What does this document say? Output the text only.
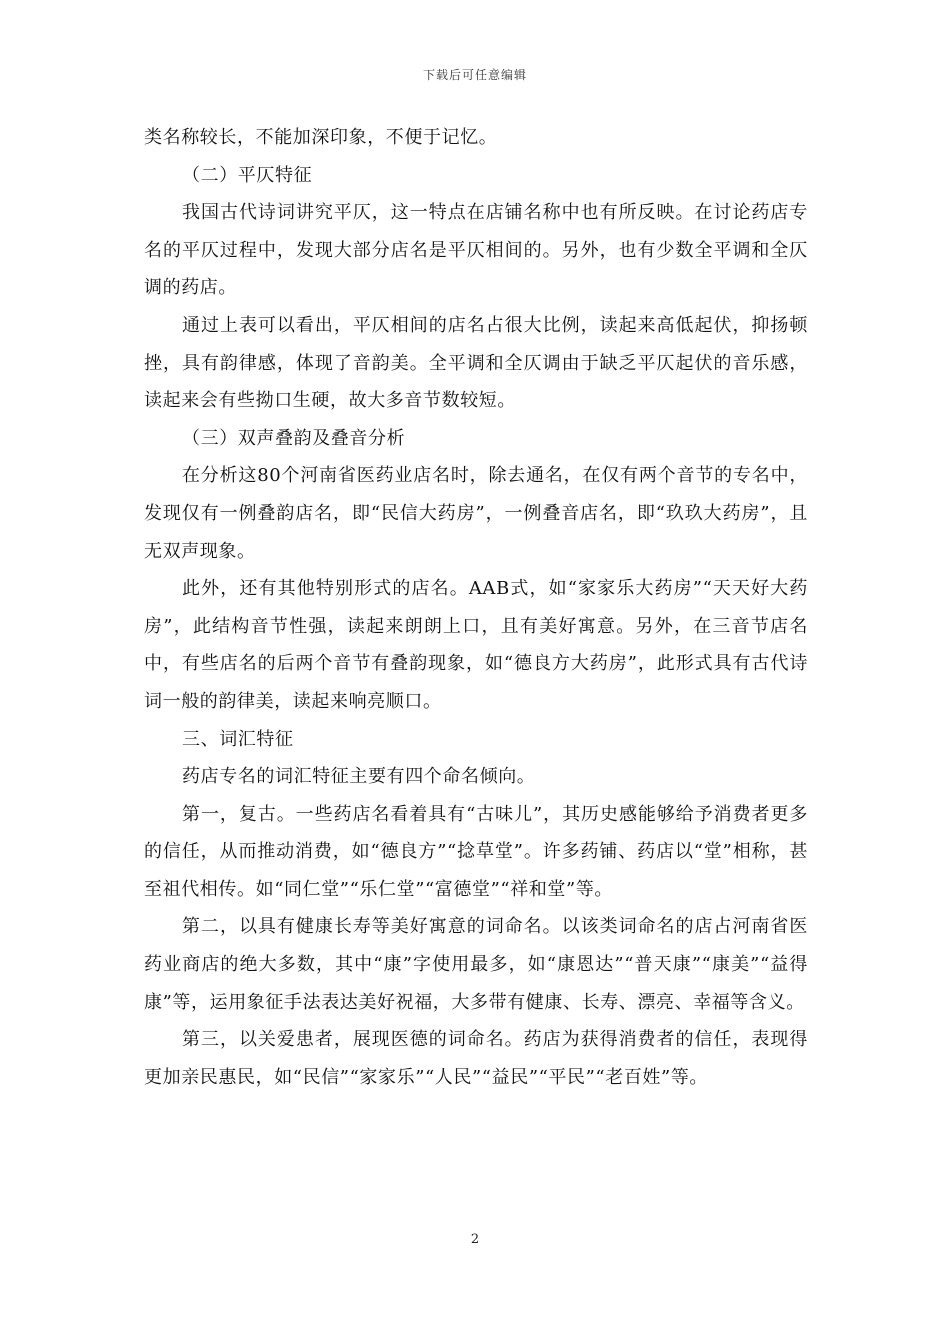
下载后可任意编辑

类名称较长，不能加深印象，不便于记忆。

（二）平仄特征

我国古代诗词讲究平仄，这一特点在店铺名称中也有所反映。在讨论药店专名的平仄过程中，发现大部分店名是平仄相间的。另外，也有少数全平调和全仄调的药店。

通过上表可以看出，平仄相间的店名占很大比例，读起来高低起伏，抑扬顿挫，具有韵律感，体现了音韵美。全平调和全仄调由于缺乏平仄起伏的音乐感，读起来会有些拗口生硬，故大多音节数较短。

（三）双声叠韵及叠音分析

在分析这80个河南省医药业店名时，除去通名，在仅有两个音节的专名中，发现仅有一例叠韵店名，即“民信大药房”，一例叠音店名，即“玖玖大药房”，且无双声现象。

此外，还有其他特别形式的店名。AAB式，如“家家乐大药房”“天天好大药房”，此结构音节性强，读起来朗朗上口，且有美好寓意。另外，在三音节店名中，有些店名的后两个音节有叠韵现象，如“德良方大药房”，此形式具有古代诗词一般的韵律美，读起来响亮顺口。

三、词汇特征

药店专名的词汇特征主要有四个命名倾向。

第一，复古。一些药店名看着具有“古味儿”，其历史感能够给予消费者更多的信任，从而推动消费，如“德良方”“捻草堂”。许多药铺、药店以“堂”相称，甚至祖代相传。如“同仁堂”“乐仁堂”“富德堂”“祥和堂”等。

第二，以具有健康长寿等美好寓意的词命名。以该类词命名的店占河南省医药业商店的绝大多数，其中“康”字使用最多，如“康恩达”“普天康”“康美”“益得康”等，运用象征手法表达美好祝福，大多带有健康、长寿、漂亮、幸福等含义。

第三，以关爱患者，展现医德的词命名。药店为获得消费者的信任，表现得更加亲民惠民，如“民信”“家家乐”“人民”“益民”“平民”“老百姓”等。

2
